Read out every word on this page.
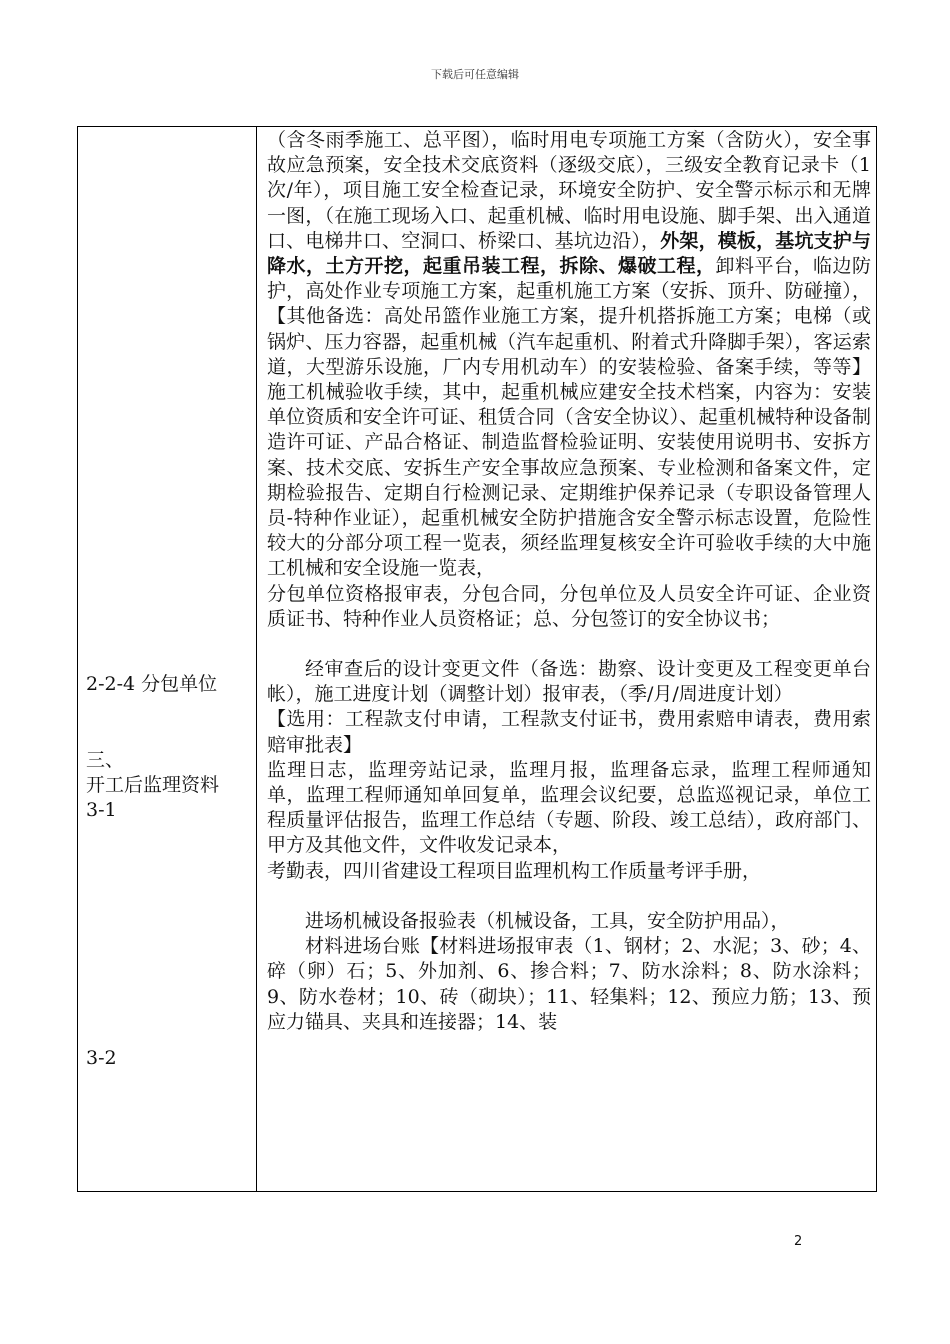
下载后可任意编辑
2-2-4 分包单位
三、
开工后监理资料
3-1
3-2

（含冬雨季施工、总平图），临时用电专项施工方案（含防火），安全事故应急预案，安全技术交底资料（逐级交底），三级安全教育记录卡（1次/年），项目施工安全检查记录，环境安全防护、安全警示标示和无牌一图，（在施工现场入口、起重机械、临时用电设施、脚手架、出入通道口、电梯井口、空洞口、桥梁口、基坑边沿），外架，模板，基坑支护与降水，土方开挖，起重吊装工程，拆除、爆破工程，卸料平台，临边防护，高处作业专项施工方案，起重机施工方案（安拆、顶升、防碰撞），【其他备选：高处吊篮作业施工方案，提升机搭拆施工方案；电梯（或锅炉、压力容器，起重机械（汽车起重机、附着式升降脚手架），客运索道，大型游乐设施，厂内专用机动车）的安装检验、备案手续，等等】施工机械验收手续，其中，起重机械应建安全技术档案，内容为：安装单位资质和安全许可证、租赁合同（含安全协议）、起重机械特种设备制造许可证、产品合格证、制造监督检验证明、安装使用说明书、安拆方案、技术交底、安拆生产安全事故应急预案、专业检测和备案文件，定期检验报告、定期自行检测记录、定期维护保养记录（专职设备管理人员-特种作业证），起重机械安全防护措施含安全警示标志设置，危险性较大的分部分项工程一览表，须经监理复核安全许可验收手续的大中施工机械和安全设施一览表，

分包单位资格报审表，分包合同，分包单位及人员安全许可证、企业资质证书、特种作业人员资格证；总、分包签订的安全协议书；

经审查后的设计变更文件（备选：勘察、设计变更及工程变更单台帐），施工进度计划（调整计划）报审表，（季/月/周进度计划）

【选用：工程款支付申请，工程款支付证书，费用索赔申请表，费用索赔审批表】

监理日志，监理旁站记录，监理月报，监理备忘录，监理工程师通知单，监理工程师通知单回复单，监理会议纪要，总监巡视记录，单位工程质量评估报告，监理工作总结（专题、阶段、竣工总结），政府部门、甲方及其他文件，文件收发记录本，

考勤表，四川省建设工程项目监理机构工作质量考评手册，

进场机械设备报验表（机械设备，工具，安全防护用品），

材料进场台账【材料进场报审表（1、钢材；2、水泥；3、砂；4、碎（卵）石；5、外加剂、6、掺合料；7、防水涂料；8、防水涂料；9、防水卷材；10、砖（砌块）；11、轻集料；12、预应力筋；13、预应力锚具、夹具和连接器；14、装

2
